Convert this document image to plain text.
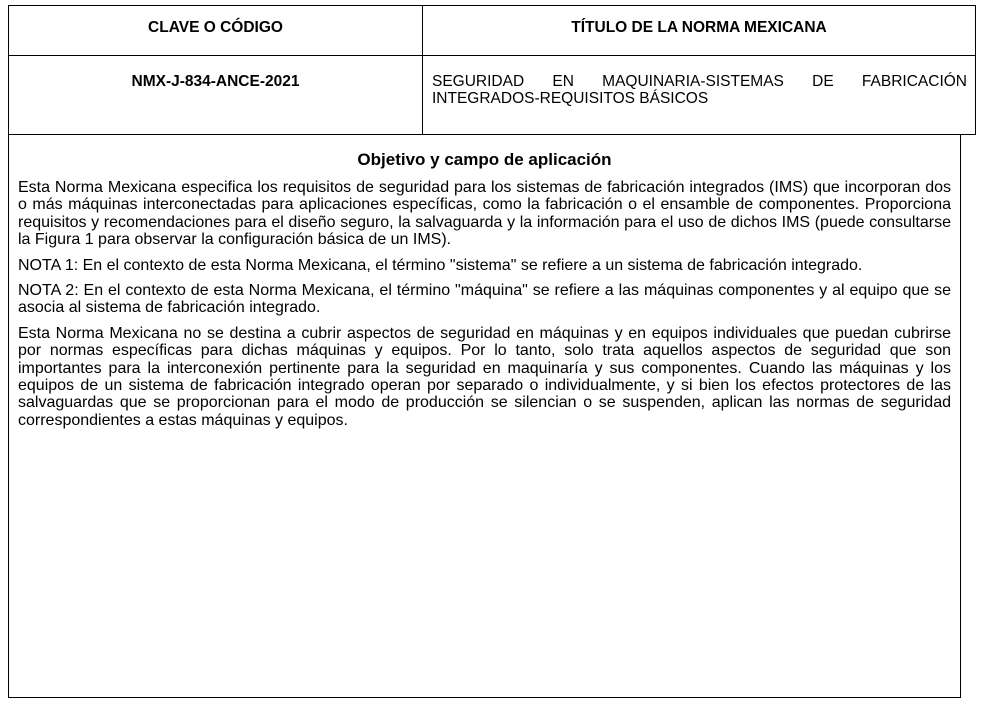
CLAVE O CÓDIGO	TÍTULO DE LA NORMA MEXICANA
NMX-J-834-ANCE-2021	SEGURIDAD EN MAQUINARIA-SISTEMAS DE FABRICACIÓN INTEGRADOS-REQUISITOS BÁSICOS
Objetivo y campo de aplicación

Esta Norma Mexicana especifica los requisitos de seguridad para los sistemas de fabricación integrados (IMS) que incorporan dos o más máquinas interconectadas para aplicaciones específicas, como la fabricación o el ensamble de componentes. Proporciona requisitos y recomendaciones para el diseño seguro, la salvaguarda y la información para el uso de dichos IMS (puede consultarse la Figura 1 para observar la configuración básica de un IMS).

NOTA 1: En el contexto de esta Norma Mexicana, el término "sistema" se refiere a un sistema de fabricación integrado.

NOTA 2: En el contexto de esta Norma Mexicana, el término "máquina" se refiere a las máquinas componentes y al equipo que se asocia al sistema de fabricación integrado.

Esta Norma Mexicana no se destina a cubrir aspectos de seguridad en máquinas y en equipos individuales que puedan cubrirse por normas específicas para dichas máquinas y equipos. Por lo tanto, solo trata aquellos aspectos de seguridad que son importantes para la interconexión pertinente para la seguridad en maquinaría y sus componentes. Cuando las máquinas y los equipos de un sistema de fabricación integrado operan por separado o individualmente, y si bien los efectos protectores de las salvaguardas que se proporcionan para el modo de producción se silencian o se suspenden, aplican las normas de seguridad correspondientes a estas máquinas y equipos.
